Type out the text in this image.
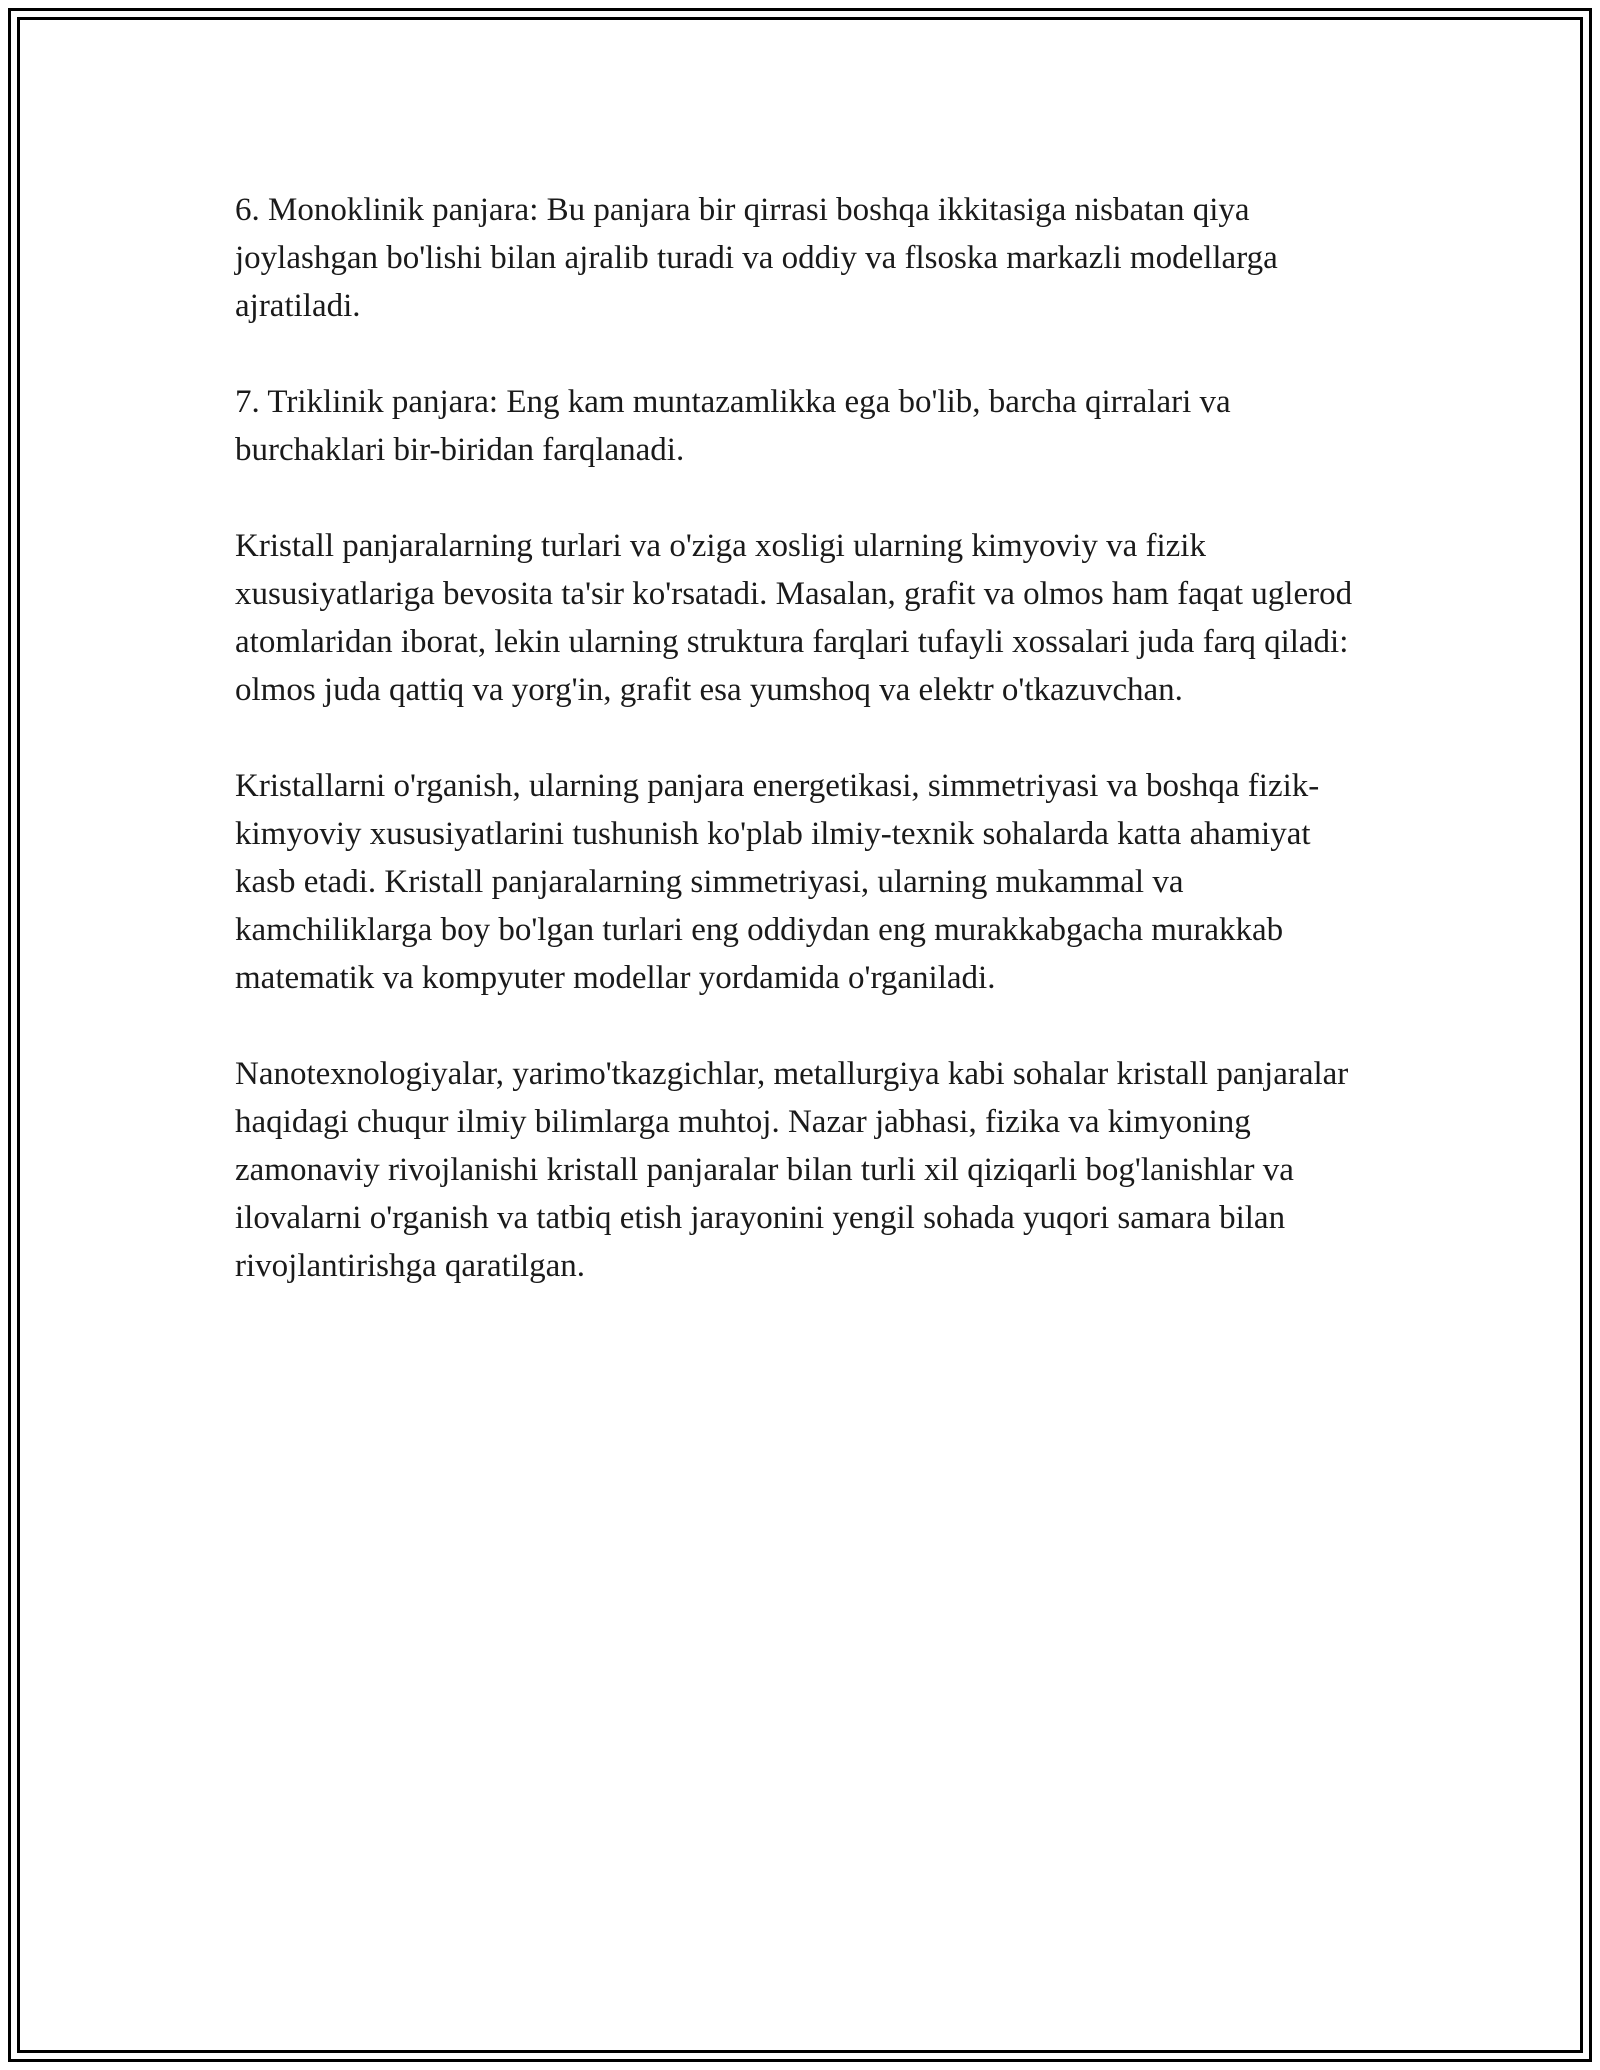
6. Monoklinik panjara: Bu panjara bir qirrasi boshqa ikkitasiga nisbatan qiya joylashgan bo'lishi bilan ajralib turadi va oddiy va flsoska markazli modellarga ajratiladi.

7. Triklinik panjara: Eng kam muntazamlikka ega bo'lib, barcha qirralari va burchaklari bir-biridan farqlanadi.

Kristall panjaralarning turlari va o'ziga xosligi ularning kimyoviy va fizik xususiyatlariga bevosita ta'sir ko'rsatadi. Masalan, grafit va olmos ham faqat uglerod atomlaridan iborat, lekin ularning struktura farqlari tufayli xossalari juda farq qiladi: olmos juda qattiq va yorg'in, grafit esa yumshoq va elektr o'tkazuvchan.

Kristallarni o'rganish, ularning panjara energetikasi, simmetriyasi va boshqa fizik-kimyoviy xususiyatlarini tushunish ko'plab ilmiy-texnik sohalarda katta ahamiyat kasb etadi. Kristall panjaralarning simmetriyasi, ularning mukammal va kamchiliklarga boy bo'lgan turlari eng oddiydan eng murakkabgacha murakkab matematik va kompyuter modellar yordamida o'rganiladi.

Nanotexnologiyalar, yarimo'tkazgichlar, metallurgiya kabi sohalar kristall panjaralar haqidagi chuqur ilmiy bilimlarga muhtoj. Nazar jabhasi, fizika va kimyoning zamonaviy rivojlanishi kristall panjaralar bilan turli xil qiziqarli bog'lanishlar va ilovalarni o'rganish va tatbiq etish jarayonini yengil sohada yuqori samara bilan rivojlantirishga qaratilgan.
